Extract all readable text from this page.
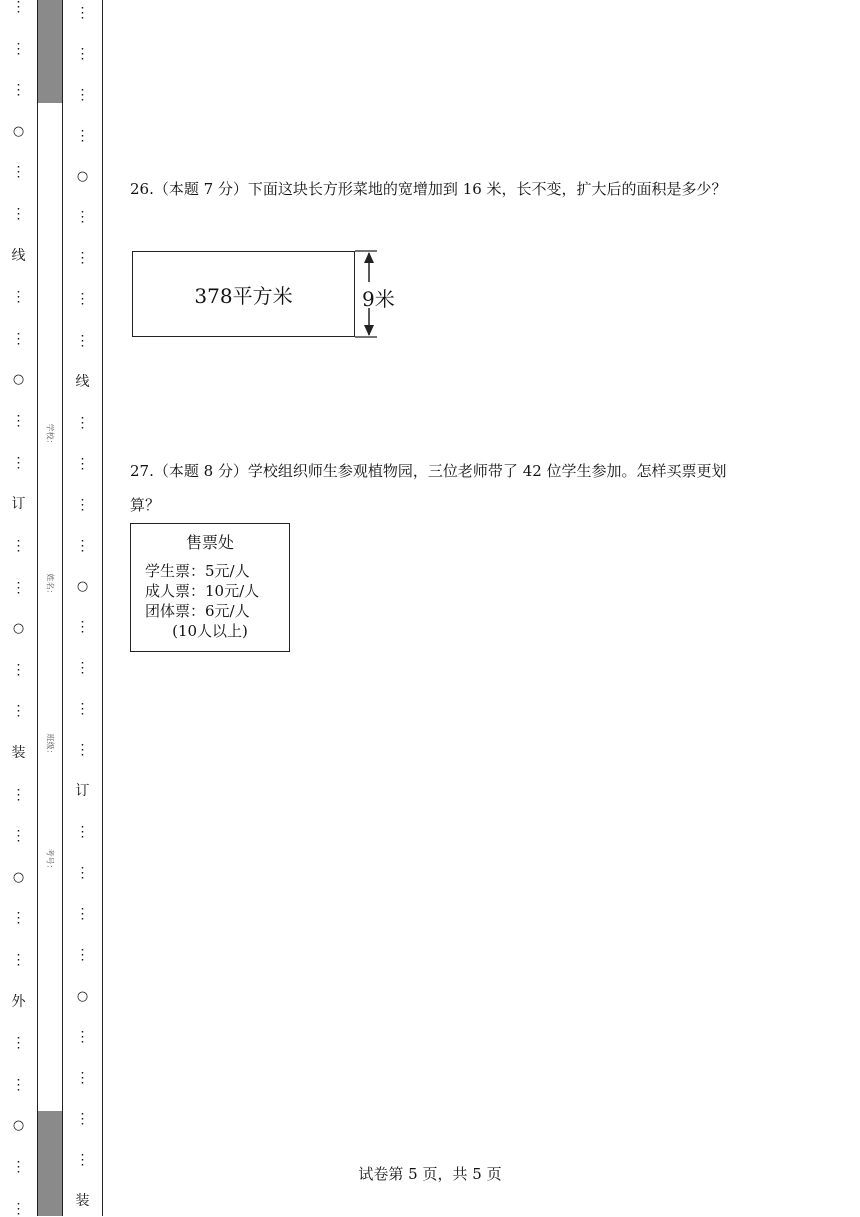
⋮
⋮
⋮
○
⋮
⋮
线
⋮
⋮
○
⋮
⋮
订
⋮
⋮
○
⋮
⋮
装
⋮
⋮
○
⋮
⋮
外
⋮
⋮
○
⋮
⋮
学校：
姓名：
班级：
考号：
⋮
⋮
⋮
⋮
○
⋮
⋮
⋮
⋮
线
⋮
⋮
⋮
⋮
○
⋮
⋮
⋮
⋮
订
⋮
⋮
⋮
⋮
○
⋮
⋮
⋮
⋮
装
26.（本题 7 分）下面这块长方形菜地的宽增加到 16 米，长不变，扩大后的面积是多少？
378平方米	9米
27.（本题 8 分）学校组织师生参观植物园，三位老师带了 42 位学生参加。怎样买票更划算？
售票处
学生票：5元/人
成人票：10元/人
团体票：6元/人
(10人以上)
试卷第 5 页，共 5 页
